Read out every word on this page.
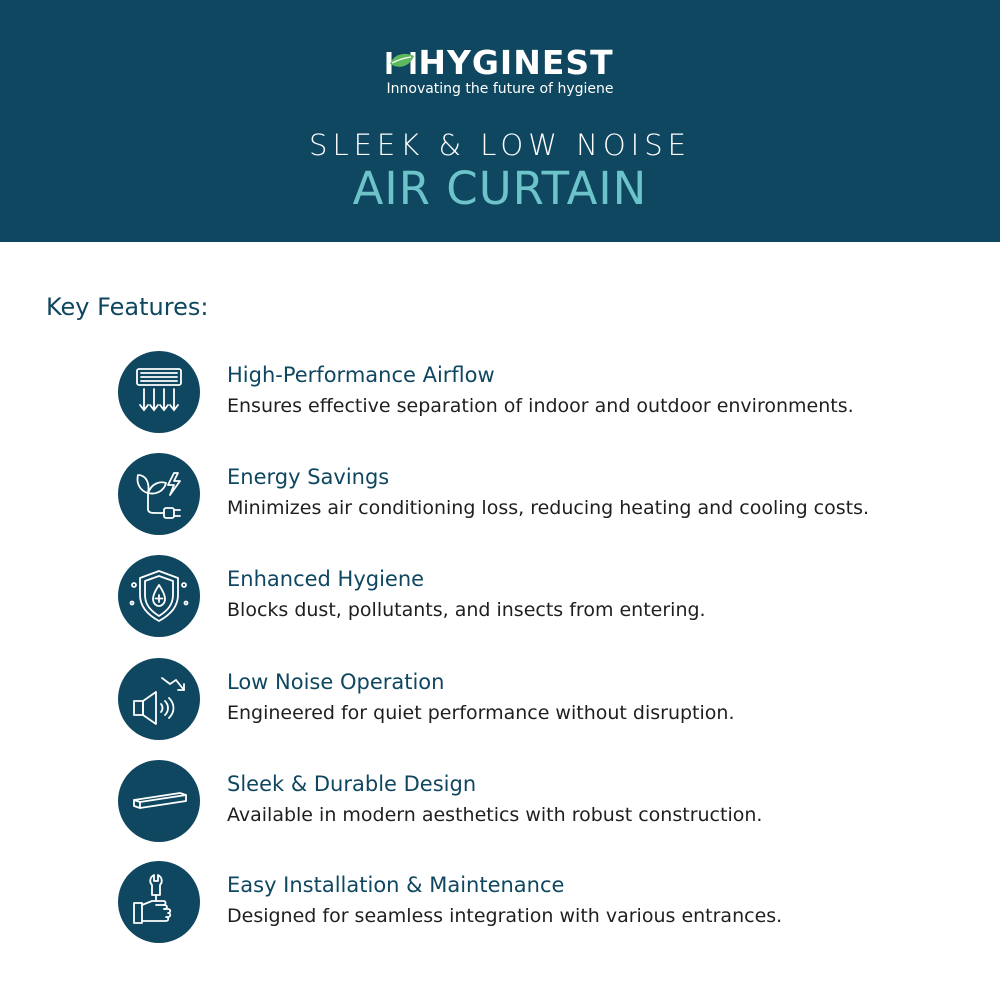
HYGINEST
Innovating the future of hygiene
SLEEK & LOW NOISE
AIR CURTAIN
Key Features:
High-Performance Airflow
Ensures effective separation of indoor and outdoor environments.
Energy Savings
Minimizes air conditioning loss, reducing heating and cooling costs.
Enhanced Hygiene
Blocks dust, pollutants, and insects from entering.
Low Noise Operation
Engineered for quiet performance without disruption.
Sleek & Durable Design
Available in modern aesthetics with robust construction.
Easy Installation & Maintenance
Designed for seamless integration with various entrances.
